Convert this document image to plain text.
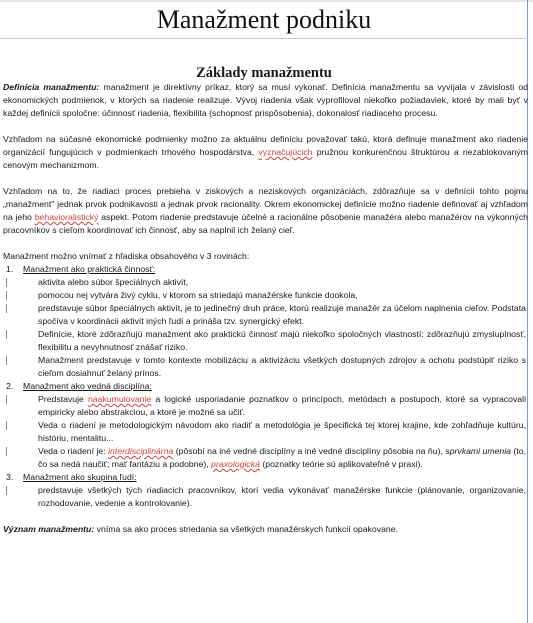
Manažment podniku
Základy manažmentu

Definícia manažmentu: manažment je direktívny príkaz, ktorý sa musí vykonať. Definícia manažmentu sa vyvíjala v závislosti od ekonomických podmienok, v ktorých sa riadenie realizuje. Vývoj riadenia však vyprofiloval niekoľko požiadaviek, ktoré by mali byť v každej definícii spoločne: účinnosť riadenia, flexibilita (schopnosť prispôsobenia), dokonalosť riadiaceho procesu.

Vzhľadom na súčasné ekonomické podmienky možno za aktuálnu definíciu považovať takú, ktorá definuje manažment ako riadenie organizácií fungujúcich v podmienkach trhového hospodárstva, vyznačujúcich pružnou konkurenčnou štruktúrou a nezablokovaným cenovým mechanizmom.

Vzhľadom na to, že riadiaci proces prebieha v ziskových a neziskových organizáciách, zdôrazňuje sa v definícii tohto pojmu „manažment" jednak prvok podnikavosti a jednak prvok racionality. Okrem ekonomickej definície možno riadenie definovať aj vzhľadom na jeho behavioralistický aspekt. Potom riadenie predstavuje účelné a racionálne pôsobenie manažéra alebo manažérov na výkonných pracovníkov s cieľom koordinovať ich činnosť, aby sa naplnil ich želaný cieľ.

Manažment možno vnímať z hľadiska obsahového v 3 rovinách:

1.	Manažment ako praktická činnosť:
aktivita alebo súbor špeciálnych aktivít,
pomocou nej vytvára živý cyklu, v ktorom sa striedajú manažérske funkcie dookola,
predstavuje súbor špeciálnych aktivít, je to jedinečný druh práce, ktorú realizuje manažér za účelom naplnenia cieľov. Podstata spočíva v koordinácii aktivít iných ľudí a prináša tzv. synergický efekt.
Definície, ktoré zdôrazňujú manažment ako praktickú činnosť majú niekoľko spoločných vlastností: zdôrazňujú zmysluplnosť, flexibilitu a nevyhnutnosť znášať riziko.
Manažment predstavuje v tomto kontexte mobilizáciu a aktivizáciu všetkých dostupných zdrojov a ochotu podstúpiť riziko s cieľom dosiahnuť želaný prínos.
2.	Manažment ako vedná disciplína:
Predstavuje naakumulovanie a logické usporiadanie poznatkov o princípoch, metódach a postupoch, ktoré sa vypracovali empiricky alebo abstrakciou, a ktoré je možné sa učiť.
Veda o riadení je metodologickým návodom ako riadiť a metodológia je špecifická tej ktorej krajine, kde zohľadňuje kultúru, históriu, mentalitu...
Veda o riadení je: interdisciplinárna (pôsobí na iné vedné disciplíny a iné vedné disciplíny pôsobia na ňu), sprvkami umenia (to, čo sa nedá naučiť; mať fantáziu a podobne), praxologická (poznatky teórie sú aplikovateľné v praxi).
3.	Manažment ako skupina ľudí:
predstavuje všetkých tých riadiacich pracovníkov, ktorí vedia vykonávať manažérske funkcie (plánovanie, organizovanie, rozhodovanie, vedenie a kontrolovanie).

Význam manažmentu: vníma sa ako proces striedania sa všetkých manažérskych funkcií opakovane.
